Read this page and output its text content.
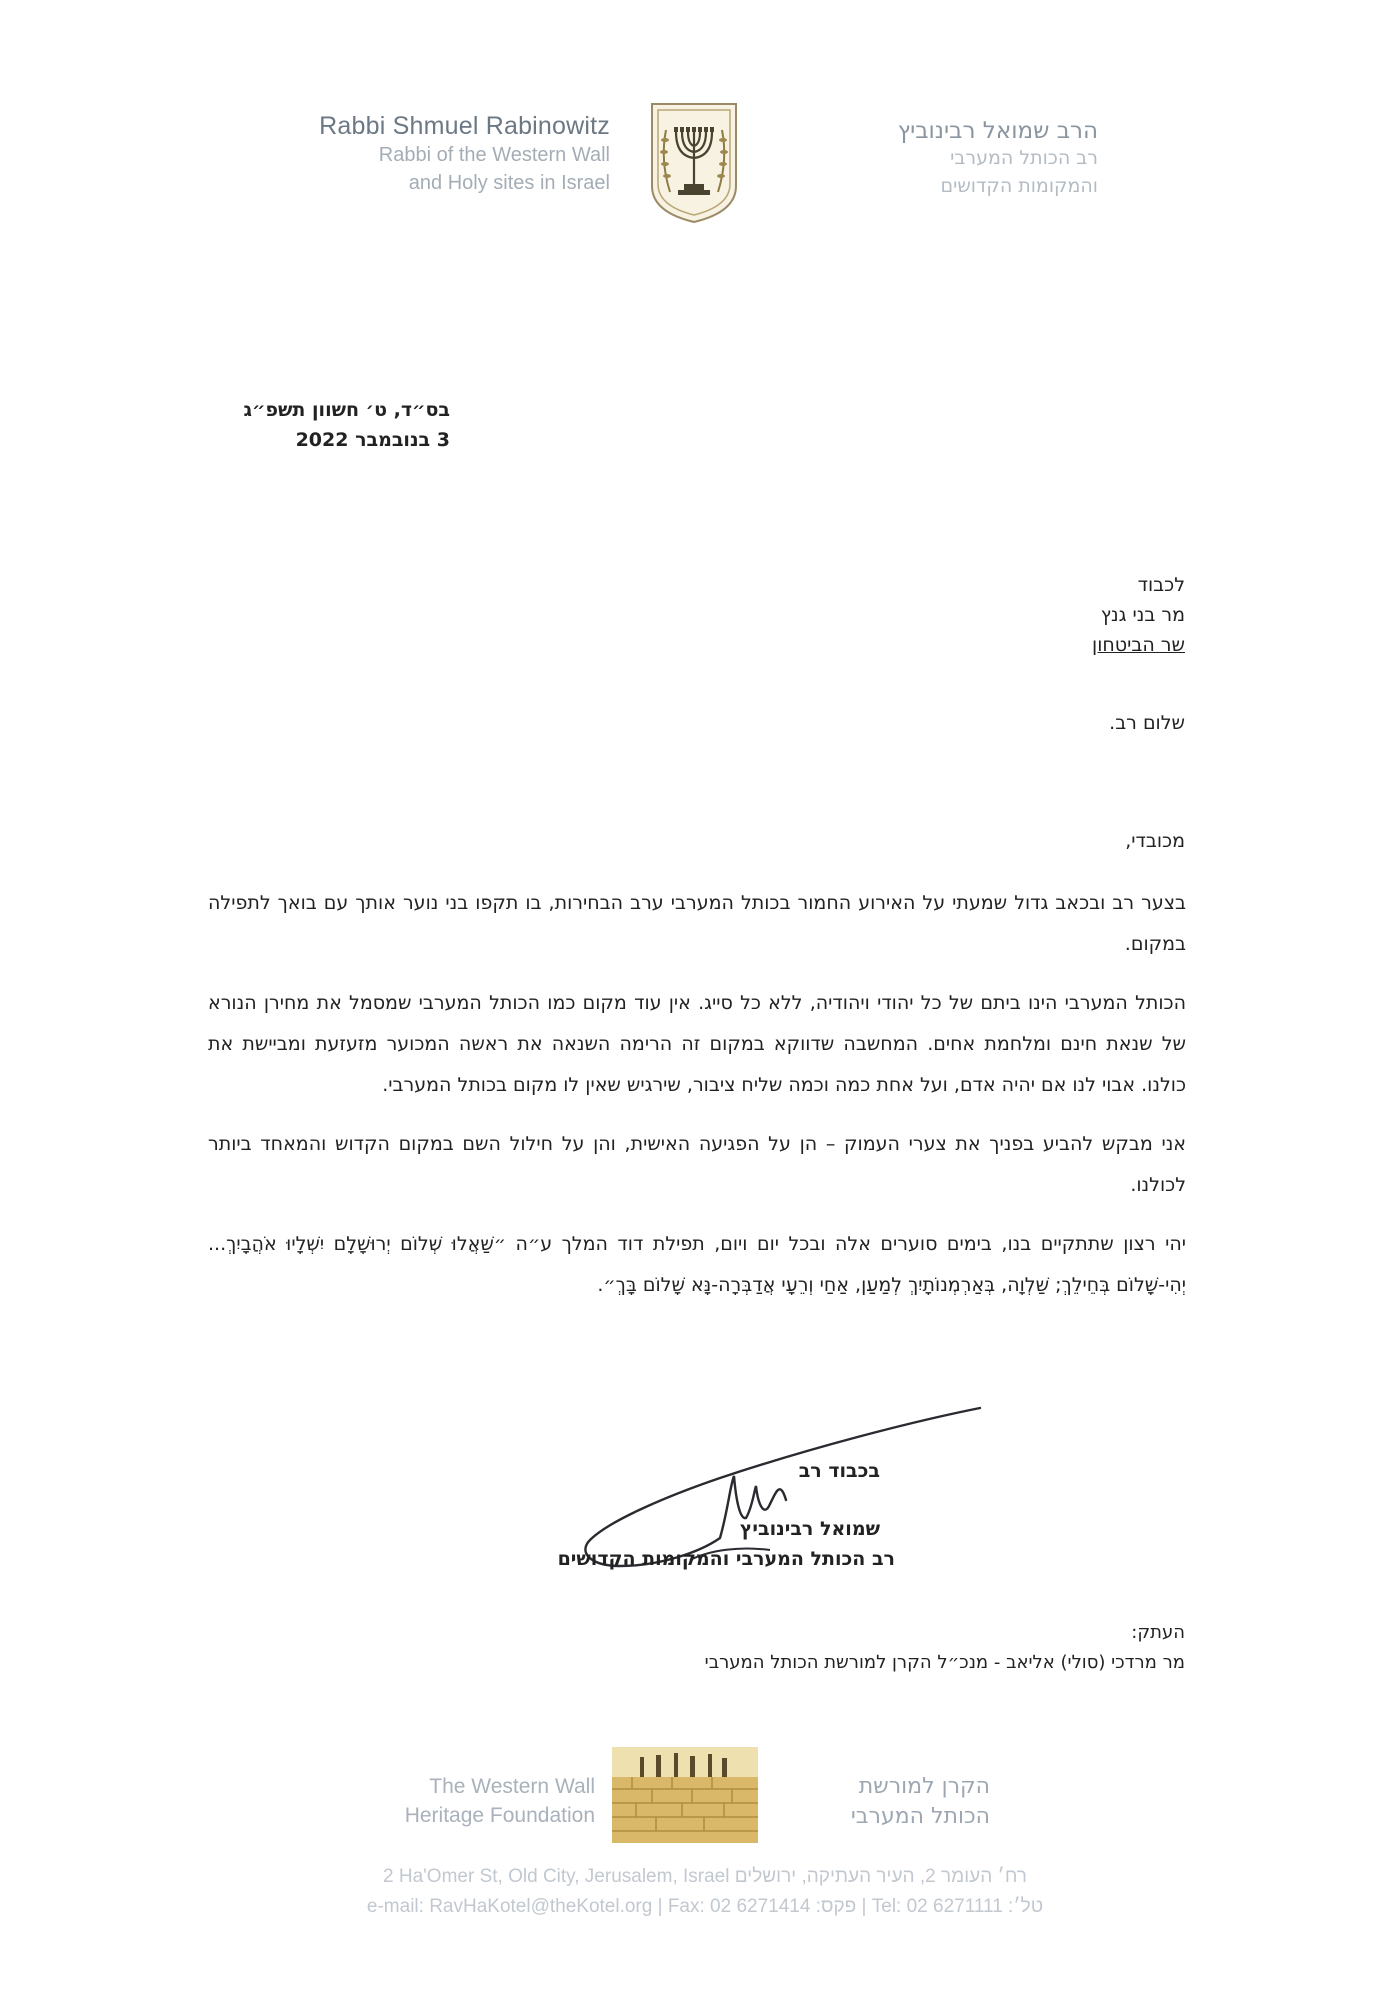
Rabbi Shmuel Rabinowitz
Rabbi of the Western Wall
and Holy sites in Israel
הרב שמואל רבינוביץ
רב הכותל המערבי
והמקומות הקדושים
בס״ד, ט׳ חשוון תשפ״ג
3 בנובמבר 2022
לכבוד
מר בני גנץ
שר הביטחון
שלום רב.
מכובדי,

בצער רב ובכאב גדול שמעתי על האירוע החמור בכותל המערבי ערב הבחירות, בו תקפו בני נוער אותך עם בואך לתפילה במקום.

הכותל המערבי הינו ביתם של כל יהודי ויהודיה, ללא כל סייג. אין עוד מקום כמו הכותל המערבי שמסמל את מחירן הנורא של שנאת חינם ומלחמת אחים. המחשבה שדווקא במקום זה הרימה השנאה את ראשה המכוער מזעזעת ומביישת את כולנו. אבוי לנו אם יהיה אדם, ועל אחת כמה וכמה שליח ציבור, שירגיש שאין לו מקום בכותל המערבי.

אני מבקש להביע בפניך את צערי העמוק – הן על הפגיעה האישית, והן על חילול השם במקום הקדוש והמאחד ביותר לכולנו.

יהי רצון שתתקיים בנו, בימים סוערים אלה ובכל יום ויום, תפילת דוד המלך ע״ה ״שַׁאֲלוּ שְׁלוֹם יְרוּשָׁלָ͏ִם יִשְׁלָיוּ אֹהֲבָיִךְ... יְהִי-שָׁלוֹם בְּחֵילֵךְ; שַׁלְוָה, בְּאַרְמְנוֹתָיִךְ לְמַעַן, אַחַי וְרֵעָי אֲדַבְּרָה-נָּא שָׁלוֹם בָּךְ״.

בכבוד רב
שמואל רבינוביץ
רב הכותל המערבי והמקומות הקדושים
העתק:
מר מרדכי (סולי) אליאב - מנכ״ל הקרן למורשת הכותל המערבי
The Western Wall
Heritage Foundation
הקרן למורשת
הכותל המערבי
2 Ha'Omer St, Old City, Jerusalem, Israel רח׳ העומר 2, העיר העתיקה, ירושלים
e-mail: RavHaKotel@theKotel.org | Fax: 02 6271414 :פקס | Tel: 02 6271111 :טל׳
